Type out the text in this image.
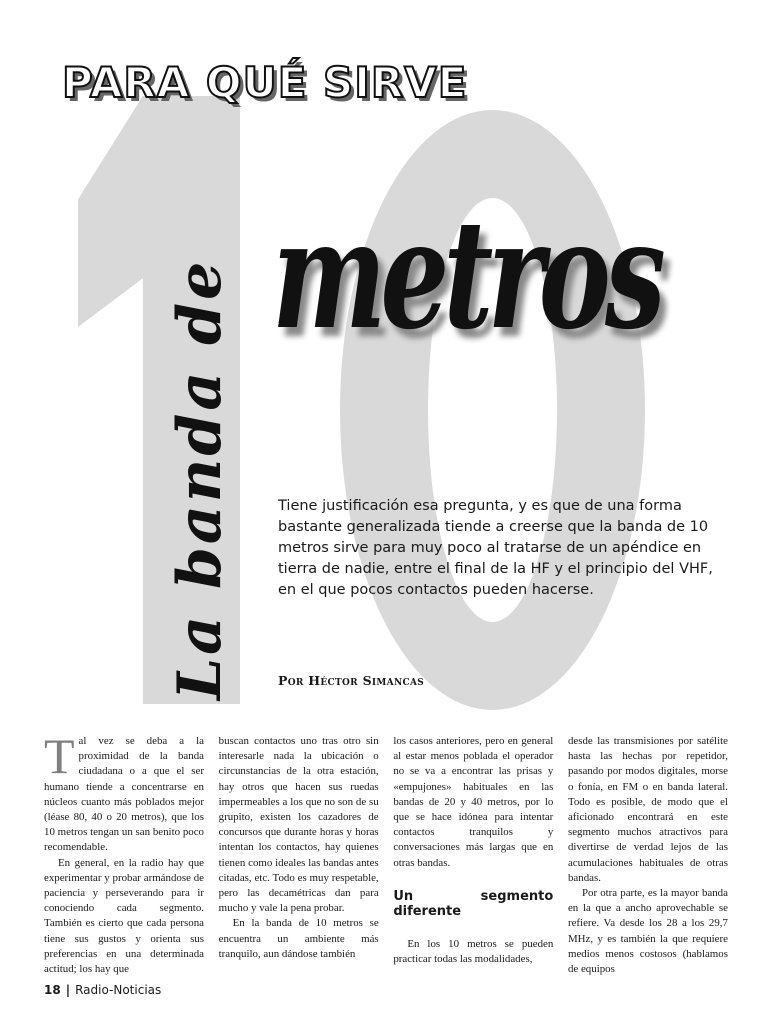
PARA QUÉ SIRVE
La banda de metros

Tiene justificación esa pregunta, y es que de una forma bastante generalizada tiende a creerse que la banda de 10 metros sirve para muy poco al tratarse de un apéndice en tierra de nadie, entre el final de la HF y el principio del VHF, en el que pocos contactos pueden hacerse.

Por Héctor Simancas

T al vez se deba a la proximidad de la banda ciudadana o a que el ser humano tiende a concentrarse en núcleos cuanto más poblados mejor (léase 80, 40 o 20 metros), que los 10 metros tengan un san benito poco recomendable.

En general, en la radio hay que experimentar y probar armándose de paciencia y perseverando para ir conociendo cada segmento. También es cierto que cada persona tiene sus gustos y orienta sus preferencias en una determinada actitud; los hay que

buscan contactos uno tras otro sin interesarle nada la ubicación o circunstancias de la otra estación, hay otros que hacen sus ruedas impermeables a los que no son de su grupito, existen los cazadores de concursos que durante horas y horas intentan los contactos, hay quienes tienen como ideales las bandas antes citadas, etc. Todo es muy respetable, pero las decamétricas dan para mucho y vale la pena probar.

En la banda de 10 metros se encuentra un ambiente más tranquilo, aun dándose también

los casos anteriores, pero en general al estar menos poblada el operador no se va a encontrar las prisas y «empujones» habituales en las bandas de 20 y 40 metros, por lo que se hace idónea para intentar contactos tranquilos y conversaciones más largas que en otras bandas.

Un segmento diferente

En los 10 metros se pueden practicar todas las modalidades,

desde las transmisiones por satélite hasta las hechas por repetidor, pasando por modos digitales, morse o fonía, en FM o en banda lateral. Todo es posible, de modo que el aficionado encontrará en este segmento muchos atractivos para divertirse de verdad lejos de las acumulaciones habituales de otras bandas.

Por otra parte, es la mayor banda en la que a ancho aprovechable se refiere. Va desde los 28 a los 29,7 MHz, y es también la que requiere medios menos costosos (hablamos de equipos

18 | Radio-Noticias
